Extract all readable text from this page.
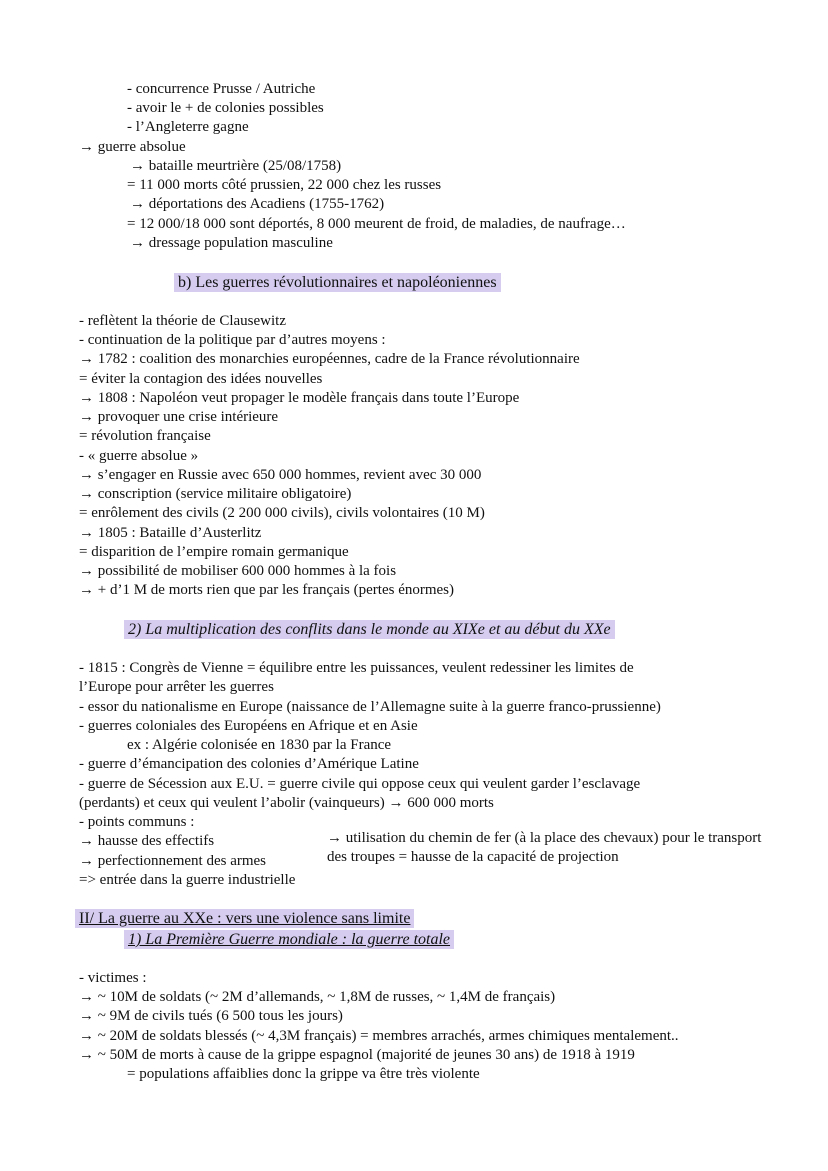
- concurrence Prusse / Autriche
- avoir le + de colonies possibles
- l’Angleterre gagne
→ guerre absolue
→ bataille meurtrière (25/08/1758)
= 11 000 morts côté prussien, 22 000 chez les russes
→ déportations des Acadiens (1755-1762)
= 12 000/18 000 sont déportés, 8 000 meurent de froid, de maladies, de naufrage…
→ dressage population masculine
b) Les guerres révolutionnaires et napoléoniennes
- reflètent la théorie de Clausewitz
- continuation de la politique par d’autres moyens :
→ 1782 : coalition des monarchies européennes, cadre de la France révolutionnaire
= éviter la contagion des idées nouvelles
→ 1808 : Napoléon veut propager le modèle français dans toute l’Europe
→ provoquer une crise intérieure
= révolution française
- « guerre absolue »
→ s’engager en Russie avec 650 000 hommes, revient avec 30 000
→ conscription (service militaire obligatoire)
= enrôlement des civils (2 200 000 civils), civils volontaires (10 M)
→ 1805 : Bataille d’Austerlitz
= disparition de l’empire romain germanique
→ possibilité de mobiliser 600 000 hommes à la fois
→ + d’1 M de morts rien que par les français (pertes énormes)
2) La multiplication des conflits dans le monde au XIXe et au début du XXe
- 1815 : Congrès de Vienne = équilibre entre les puissances, veulent redessiner les limites de
l’Europe pour arrêter les guerres
- essor du nationalisme en Europe (naissance de l’Allemagne suite à la guerre franco-prussienne)
- guerres coloniales des Européens en Afrique et en Asie
ex : Algérie colonisée en 1830 par la France
- guerre d’émancipation des colonies d’Amérique Latine
- guerre de Sécession aux E.U. = guerre civile qui oppose ceux qui veulent garder l’esclavage
(perdants) et ceux qui veulent l’abolir (vainqueurs) → 600 000 morts
- points communs :
→ hausse des effectifs
→ perfectionnement des armes
→ utilisation du chemin de fer (à la place des chevaux) pour le transport des troupes = hausse de la capacité de projection
=> entrée dans la guerre industrielle
II/ La guerre au XXe : vers une violence sans limite
1) La Première Guerre mondiale : la guerre totale
- victimes :
→ ~ 10M de soldats (~ 2M d’allemands, ~ 1,8M de russes, ~ 1,4M de français)
→ ~ 9M de civils tués (6 500 tous les jours)
→ ~ 20M de soldats blessés (~ 4,3M français) = membres arrachés, armes chimiques mentalement..
→ ~ 50M de morts à cause de la grippe espagnol (majorité de jeunes 30 ans) de 1918 à 1919
= populations affaiblies donc la grippe va être très violente
